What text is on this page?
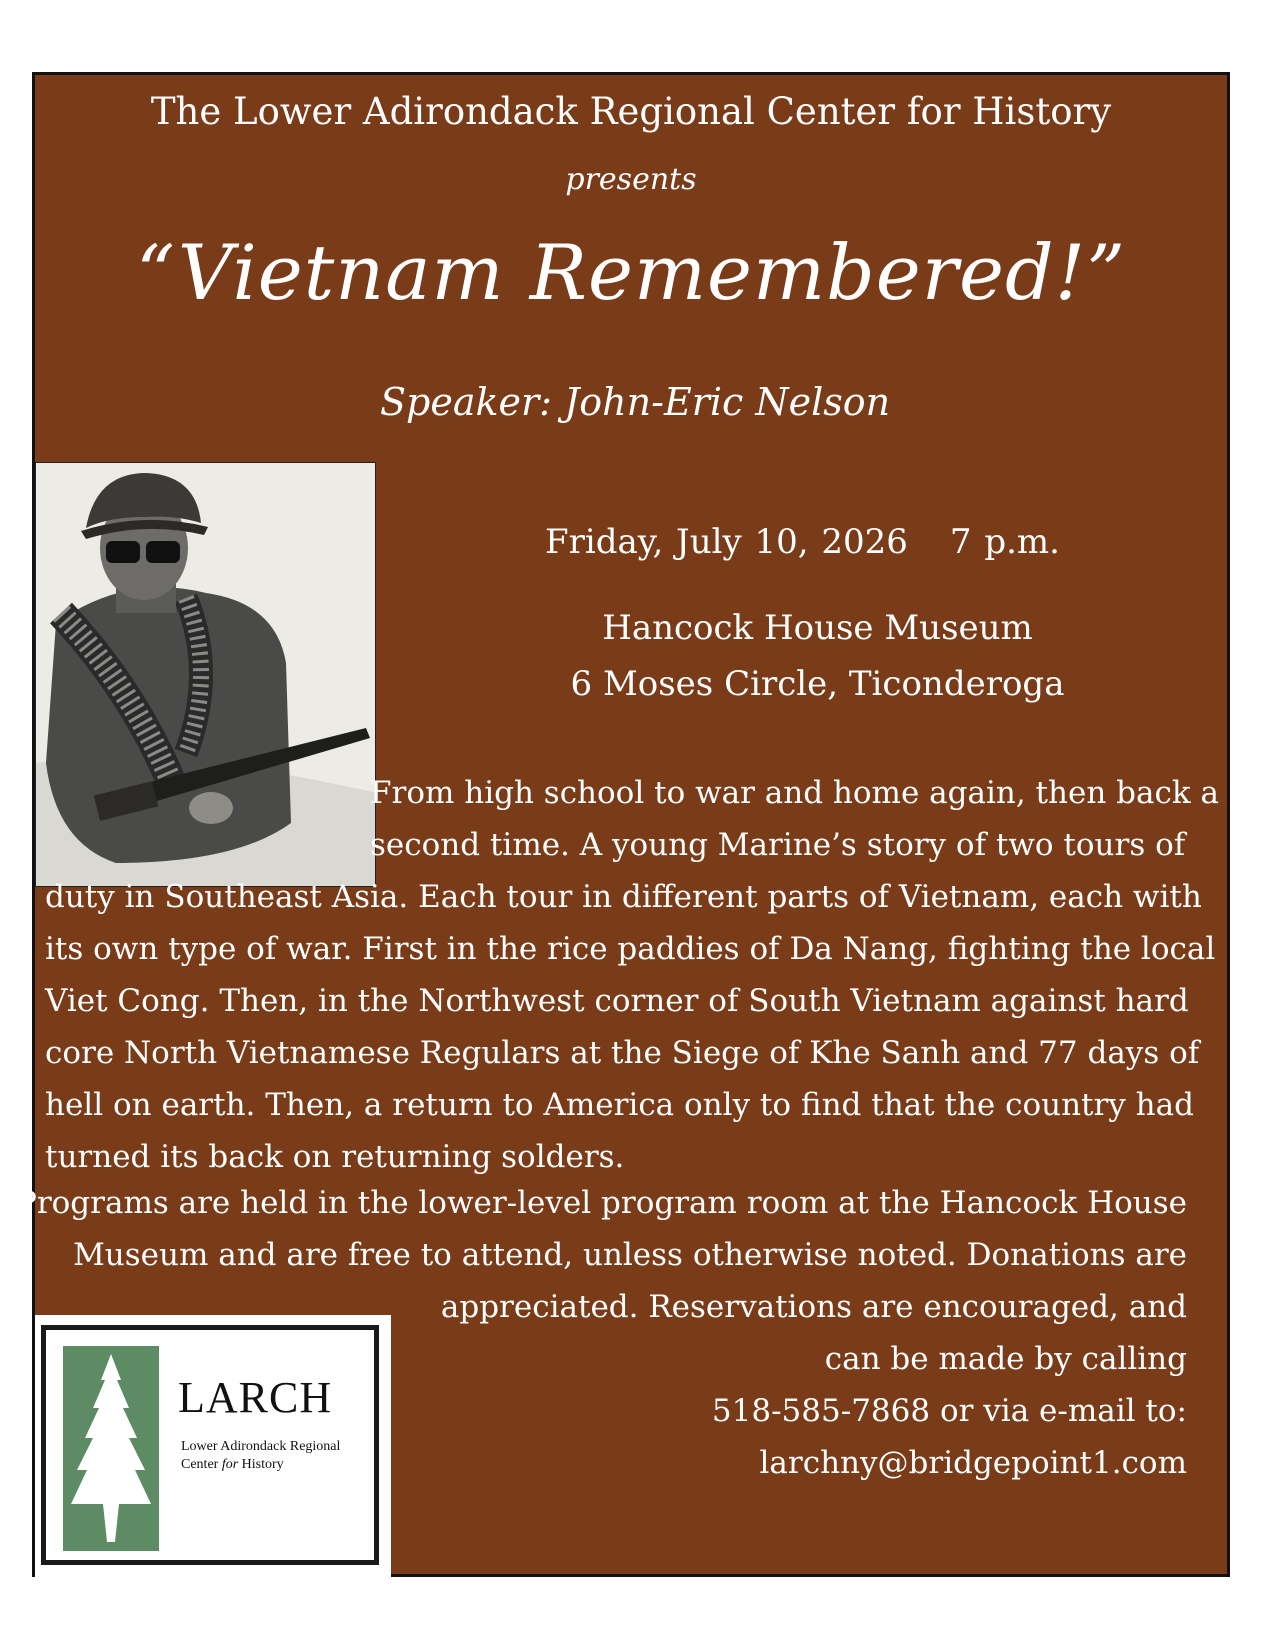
The Lower Adirondack Regional Center for History
presents
“Vietnam Remembered!”
Speaker: John-Eric Nelson
Friday, July 10, 2026 7 p.m.
Hancock House Museum
6 Moses Circle, Ticonderoga

From high school to war and home again, then back a second time. A young Marine’s story of two tours of duty in Southeast Asia. Each tour in different parts of Vietnam, each with its own type of war. First in the rice paddies of Da Nang, fighting the local Viet Cong. Then, in the Northwest corner of South Vietnam against hard core North Vietnamese Regulars at the Siege of Khe Sanh and 77 days of hell on earth. Then, a return to America only to find that the country had turned its back on returning solders.

Programs are held in the lower-level program room at the Hancock House Museum and are free to attend, unless otherwise noted. Donations are appreciated. Reservations are encouraged, and
can be made by calling
518-585-7868 or via e-mail to:
larchny@bridgepoint1.com
LARCH
Lower Adirondack Regional
Center for History
